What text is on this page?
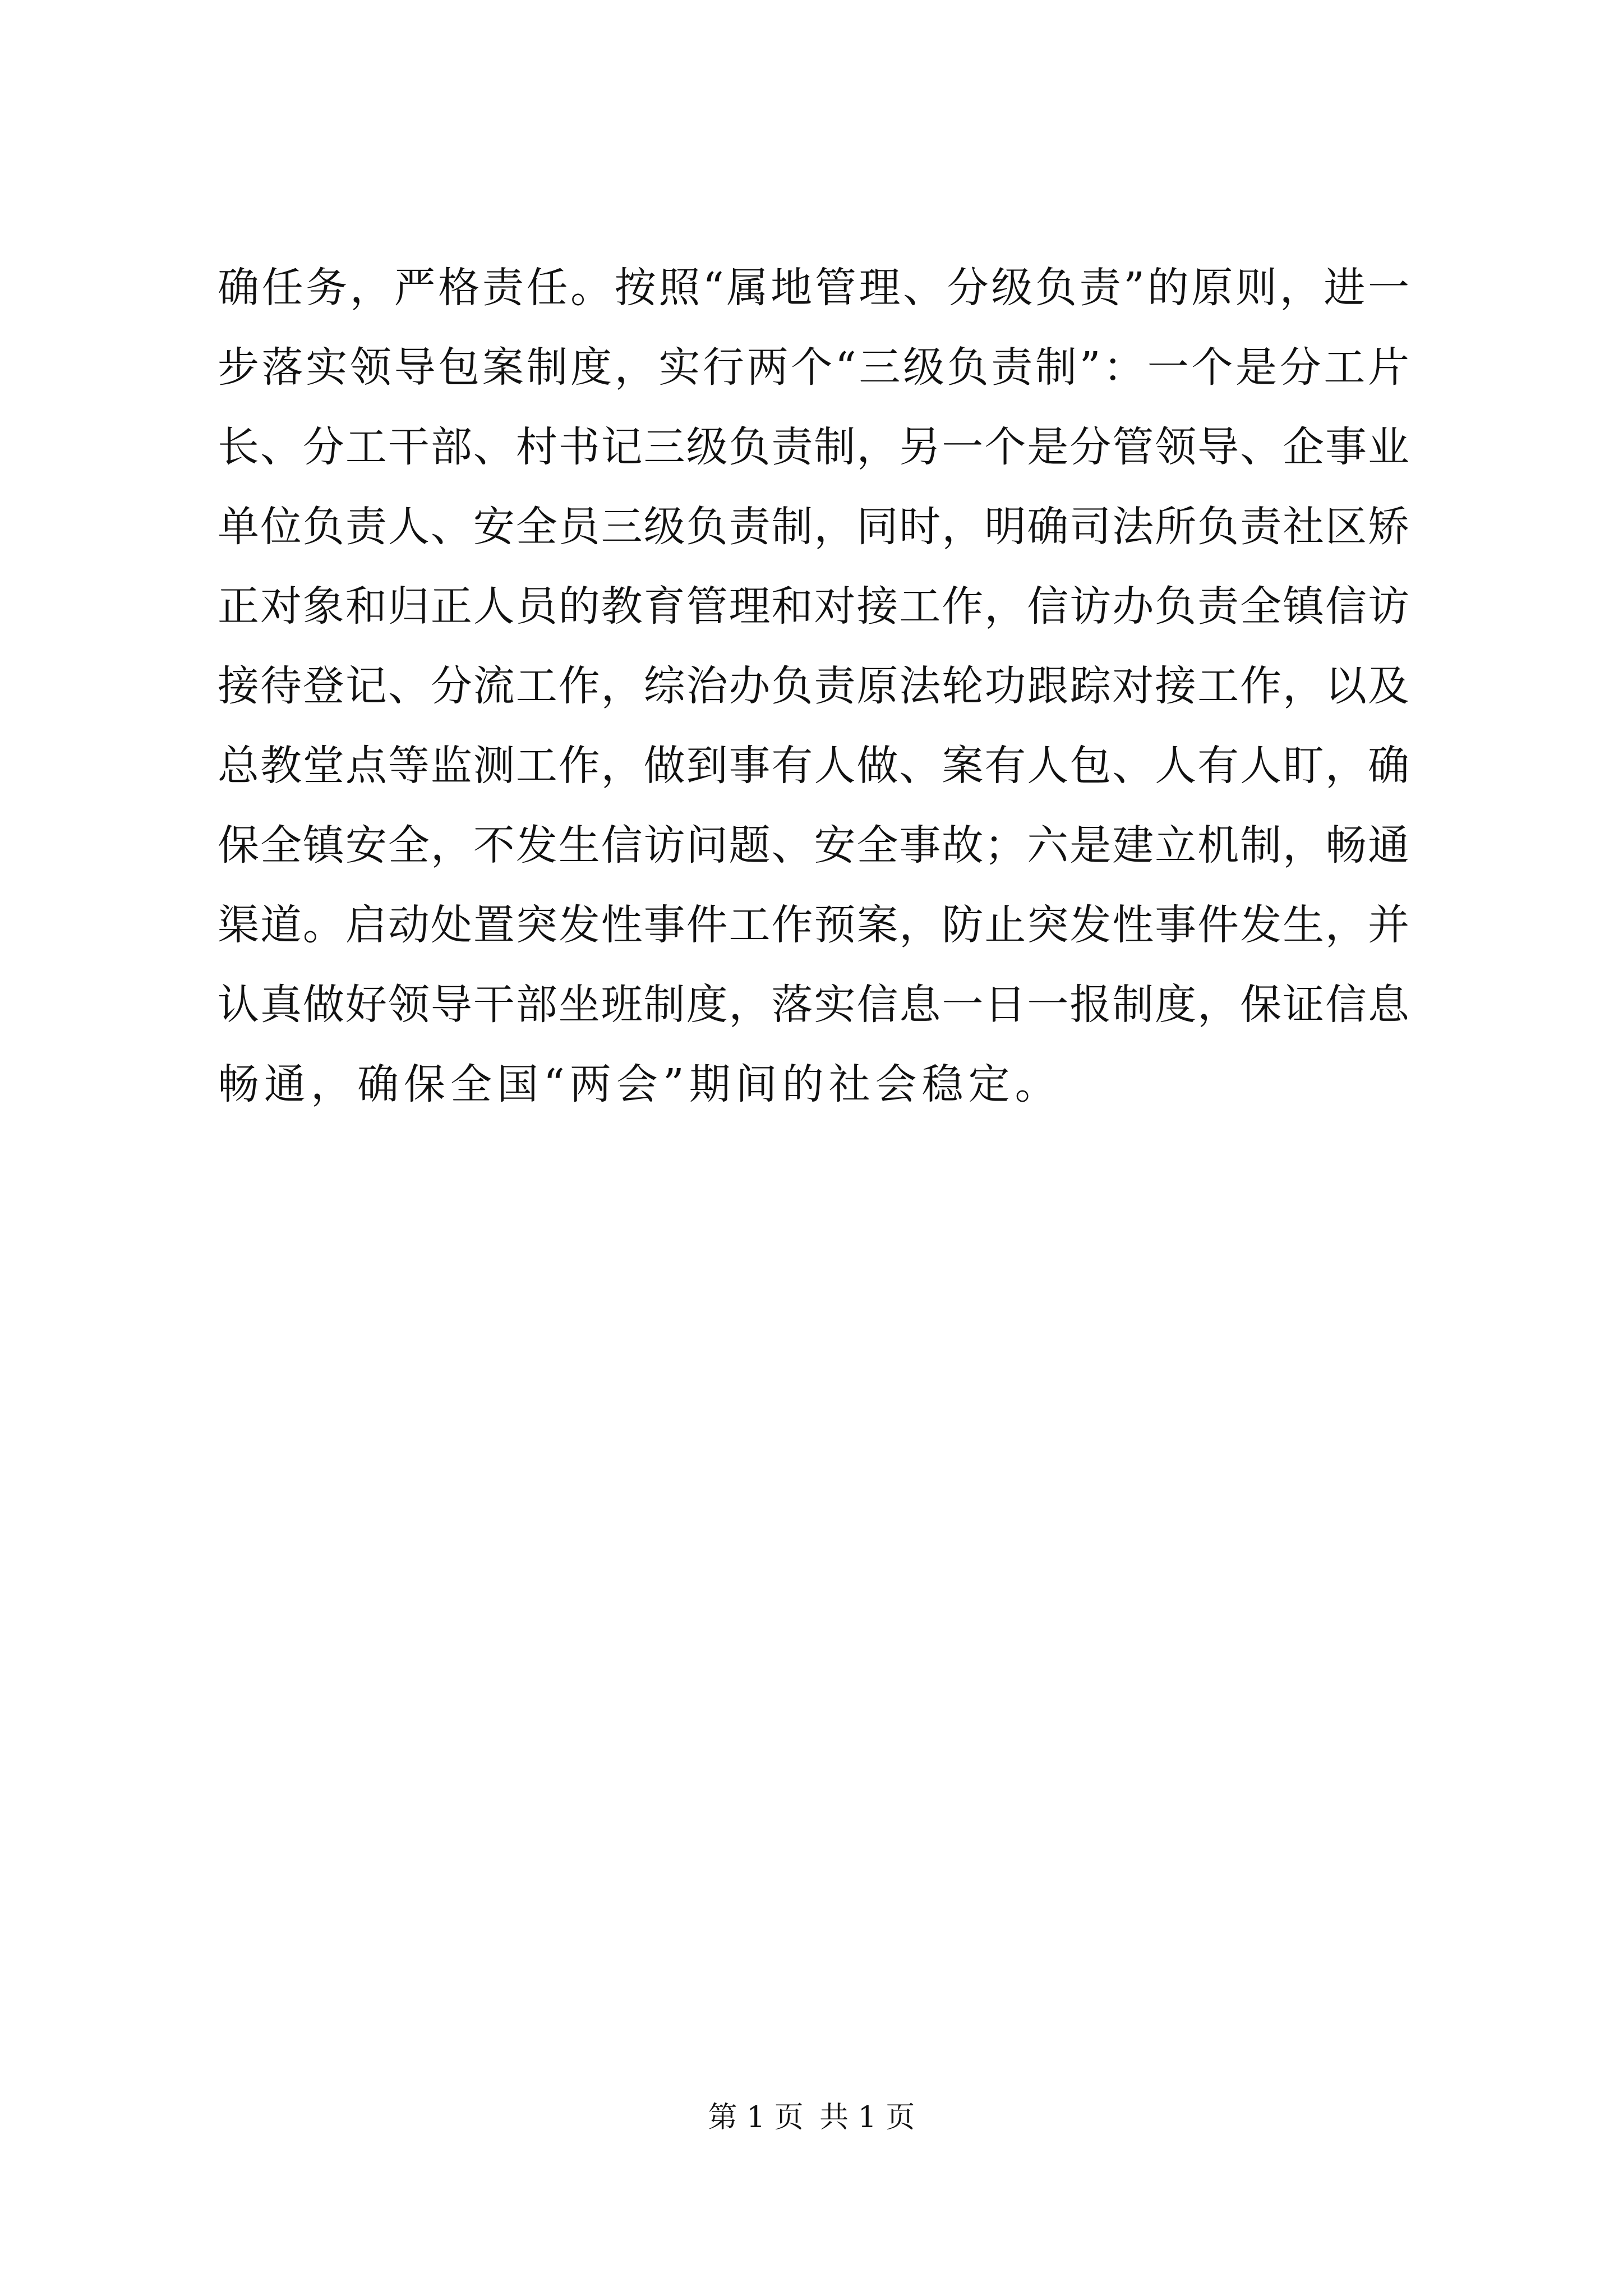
确任务，严格责任。按照“属地管理、分级负责”的原则，进一
步落实领导包案制度，实行两个“三级负责制”：一个是分工片
长、分工干部、村书记三级负责制，另一个是分管领导、企事业
单位负责人、安全员三级负责制，同时，明确司法所负责社区矫
正对象和归正人员的教育管理和对接工作，信访办负责全镇信访
接待登记、分流工作，综治办负责原法轮功跟踪对接工作，以及
总教堂点等监测工作，做到事有人做、案有人包、人有人盯，确
保全镇安全，不发生信访问题、安全事故；六是建立机制，畅通
渠道。启动处置突发性事件工作预案，防止突发性事件发生，并
认真做好领导干部坐班制度，落实信息一日一报制度，保证信息
畅通，确保全国“两会”期间的社会稳定。
第 1 页 共 1 页
